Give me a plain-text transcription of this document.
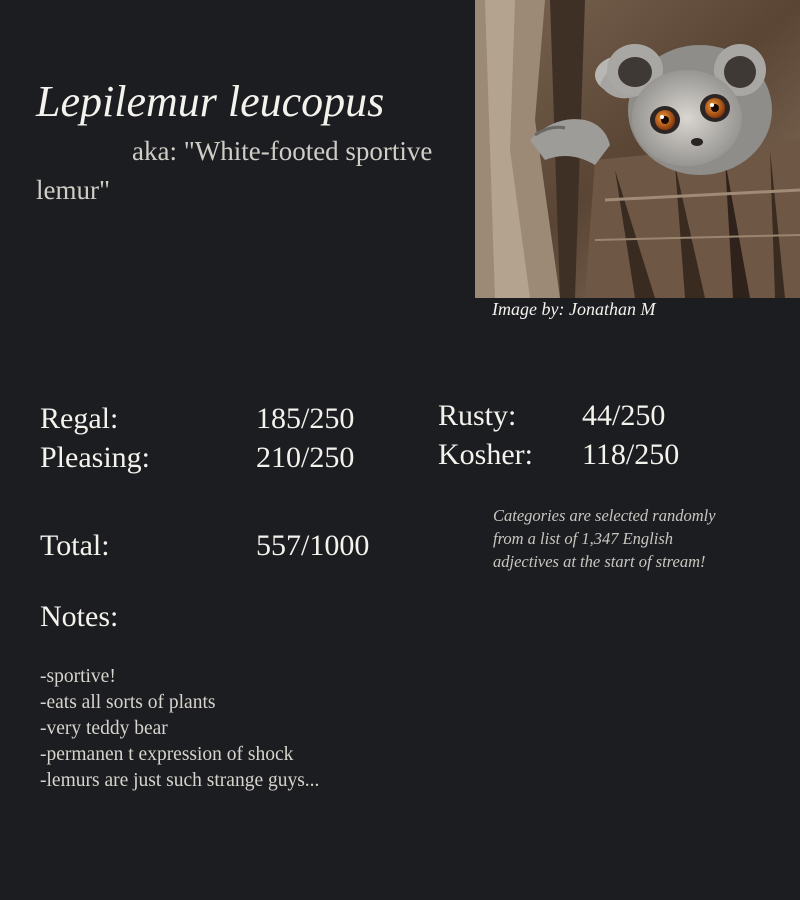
Lepilemur leucopus
aka: "White-footed sportive lemur"
Image by: Jonathan M
Regal:	185/250
Pleasing:	210/250
Rusty: 44/250
Kosher: 118/250
Total:	557/1000
Categories are selected randomly from a list of 1,347 English adjectives at the start of stream!
Notes:
-sportive!
-eats all sorts of plants
-very teddy bear
-permanen t expression of shock
-lemurs are just such strange guys...
